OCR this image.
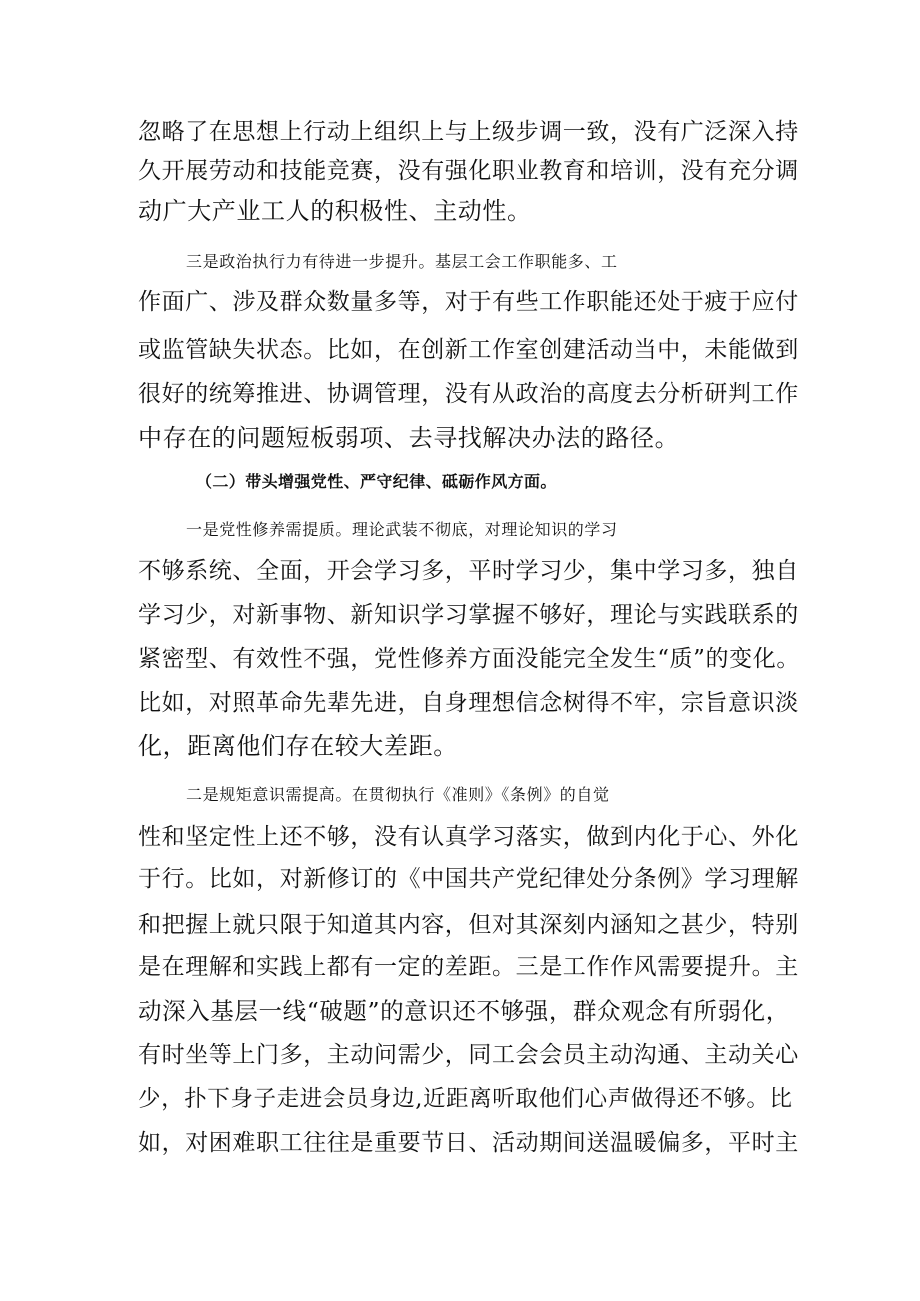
忽略了在思想上行动上组织上与上级步调一致，没有广泛深入持
久开展劳动和技能竞赛，没有强化职业教育和培训，没有充分调
动广大产业工人的积极性、主动性。
三是政治执行力有待进一步提升。基层工会工作职能多、工
作面广、涉及群众数量多等，对于有些工作职能还处于疲于应付
或监管缺失状态。比如，在创新工作室创建活动当中，未能做到
很好的统筹推进、协调管理，没有从政治的高度去分析研判工作
中存在的问题短板弱项、去寻找解决办法的路径。
（二）带头增强党性、严守纪律、砥砺作风方面。
一是党性修养需提质。理论武装不彻底，对理论知识的学习
不够系统、全面，开会学习多，平时学习少，集中学习多，独自
学习少，对新事物、新知识学习掌握不够好，理论与实践联系的
紧密型、有效性不强，党性修养方面没能完全发生“质”的变化。
比如，对照革命先辈先进，自身理想信念树得不牢，宗旨意识淡
化，距离他们存在较大差距。
二是规矩意识需提高。在贯彻执行《准则》《条例》的自觉
性和坚定性上还不够，没有认真学习落实，做到内化于心、外化
于行。比如，对新修订的《中国共产党纪律处分条例》学习理解
和把握上就只限于知道其内容，但对其深刻内涵知之甚少，特别
是在理解和实践上都有一定的差距。三是工作作风需要提升。主
动深入基层一线“破题”的意识还不够强，群众观念有所弱化，
有时坐等上门多，主动问需少，同工会会员主动沟通、主动关心
少，扑下身子走进会员身边,近距离听取他们心声做得还不够。比
如，对困难职工往往是重要节日、活动期间送温暖偏多，平时主
